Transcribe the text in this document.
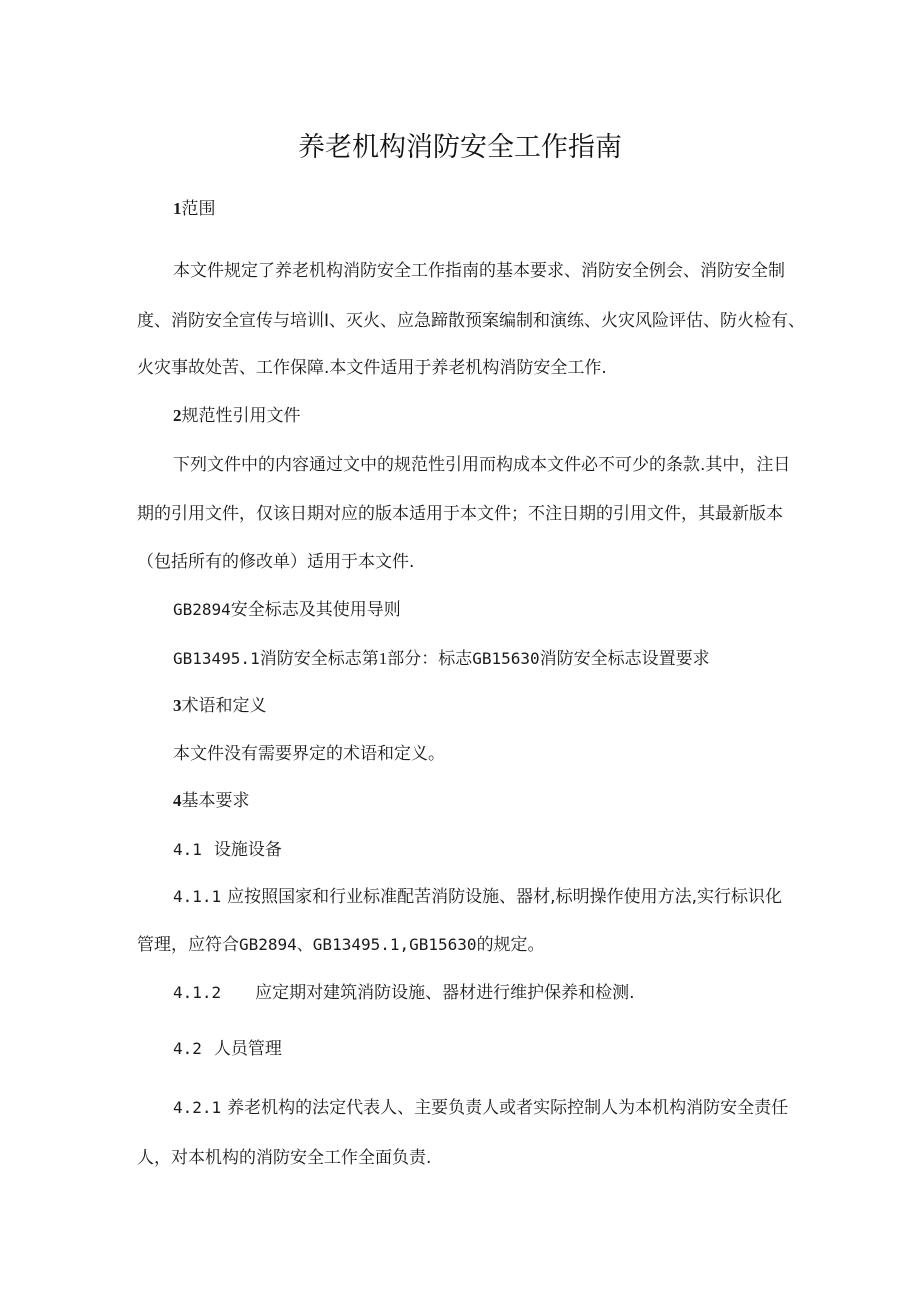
养老机构消防安全工作指南
1范围
本文件规定了养老机构消防安全工作指南的基本要求、消防安全例会、消防安全制
度、消防安全宣传与培训Ⅰ、灭火、应急蹄散预案编制和演练、火灾风险评估、防火检有、
火灾事故处苦、工作保障.本文件适用于养老机构消防安全工作.
2规范性引用文件
下列文件中的内容通过文中的规范性引用而构成本文件必不可少的条款.其中，注日
期的引用文件，仅该日期对应的版本适用于本文件；不注日期的引用文件，其最新版本
（包括所有的修改单）适用于本文件.
GB2894安全标志及其使用导则
GB13495.1消防安全标志第1部分：标志GB15630消防安全标志设置要求
3术语和定义
本文件没有需要界定的术语和定义。
4基本要求
4.1 设施设备
4.1.1 应按照国家和行业标准配苦消防设施、器材,标明操作使用方法,实行标识化
管理，应符合GB2894、GB13495.1,GB15630的规定。
4.1.2 应定期对建筑消防设施、器材进行维护保养和检测.
4.2 人员管理
4.2.1 养老机构的法定代表人、主要负责人或者实际控制人为本机构消防安全责任
人，对本机构的消防安全工作全面负责.
